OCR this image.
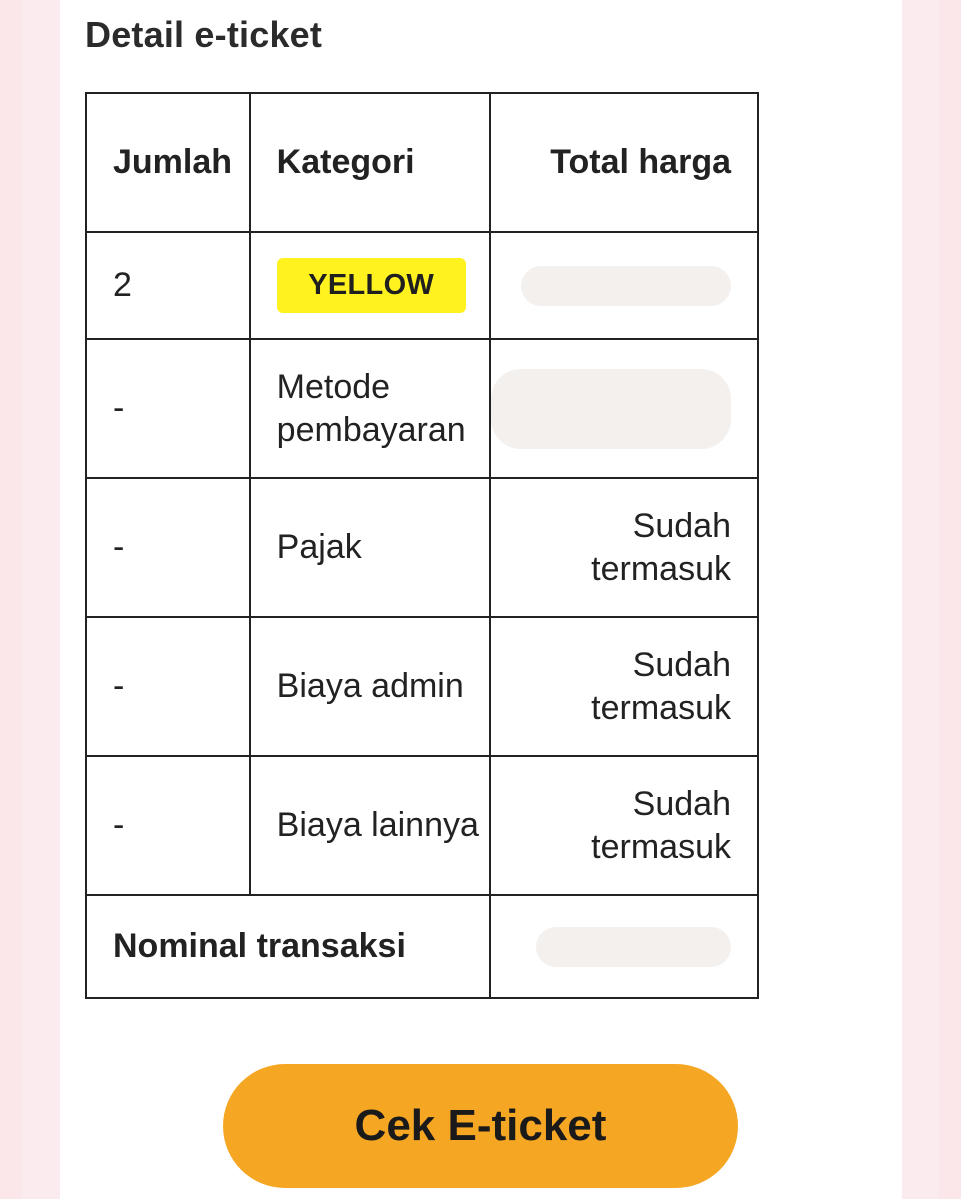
Detail e-ticket
Jumlah	Kategori	Total harga
2	YELLOW	

-	Metode pembayaran	

-	Pajak	Sudah termasuk
-	Biaya admin	Sudah termasuk
-	Biaya lainnya	Sudah termasuk
Nominal transaksi		
Cek E-ticket
